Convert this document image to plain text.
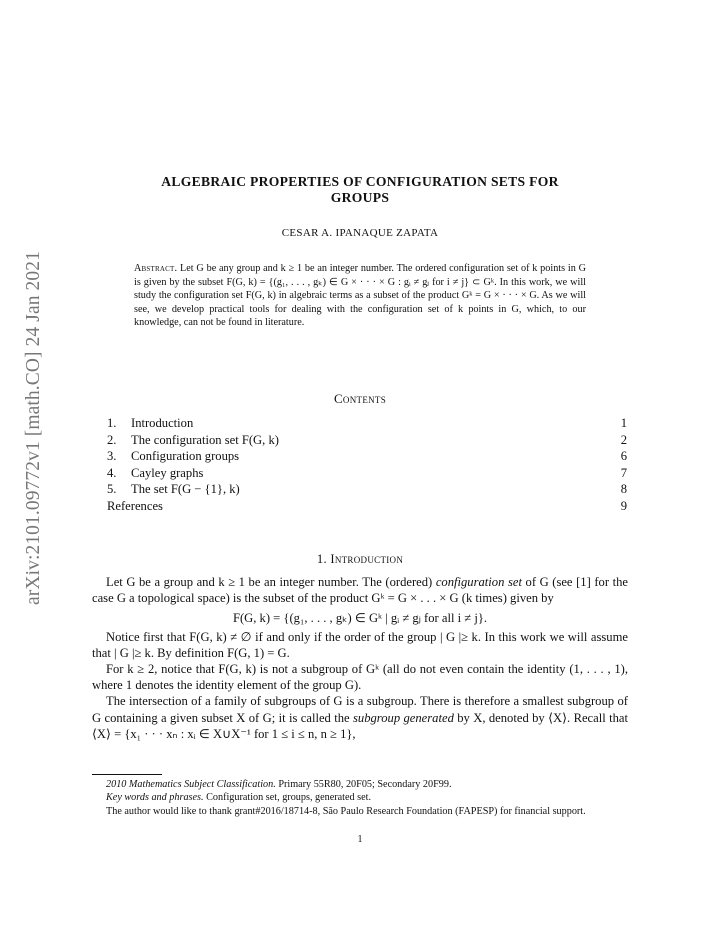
arXiv:2101.09772v1 [math.CO] 24 Jan 2021
ALGEBRAIC PROPERTIES OF CONFIGURATION SETS FOR
GROUPS
CESAR A. IPANAQUE ZAPATA
Abstract. Let G be any group and k ≥ 1 be an integer number. The ordered configuration set of k points in G is given by the subset F(G, k) = {(g₁, . . . , gₖ) ∈ G × · · · × G : gᵢ ≠ gⱼ for i ≠ j} ⊂ Gᵏ. In this work, we will study the configuration set F(G, k) in algebraic terms as a subset of the product Gᵏ = G × · · · × G. As we will see, we develop practical tools for dealing with the configuration set of k points in G, which, to our knowledge, can not be found in literature.
Contents
1. Introduction	1
2. The configuration set F(G, k)	2
3. Configuration groups	6
4. Cayley graphs	7
5. The set F(G − {1}, k)	8
References	9
1. Introduction

Let G be a group and k ≥ 1 be an integer number. The (ordered) configuration set of G (see [1] for the case G a topological space) is the subset of the product Gᵏ = G × . . . × G (k times) given by

F(G, k) = {(g₁, . . . , gₖ) ∈ Gᵏ | gᵢ ≠ gⱼ for all i ≠ j}.

Notice first that F(G, k) ≠ ∅ if and only if the order of the group | G |≥ k. In this work we will assume that | G |≥ k. By definition F(G, 1) = G.

For k ≥ 2, notice that F(G, k) is not a subgroup of Gᵏ (all do not even contain the identity (1, . . . , 1), where 1 denotes the identity element of the group G).

The intersection of a family of subgroups of G is a subgroup. There is therefore a smallest subgroup of G containing a given subset X of G; it is called the subgroup generated by X, denoted by ⟨X⟩. Recall that ⟨X⟩ = {x₁ · · · xₙ : xᵢ ∈ X∪X⁻¹ for 1 ≤ i ≤ n, n ≥ 1},

2010 Mathematics Subject Classification. Primary 55R80, 20F05; Secondary 20F99.

Key words and phrases. Configuration set, groups, generated set.

The author would like to thank grant#2016/18714-8, São Paulo Research Foundation (FAPESP) for financial support.

1
